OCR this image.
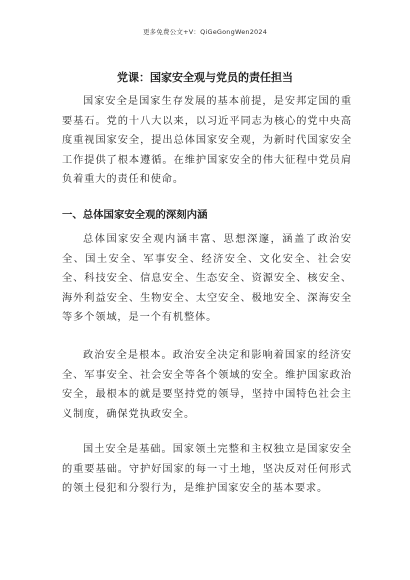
更多免费公文+V：QiGeGongWen2024
党课：国家安全观与党员的责任担当

国家安全是国家生存发展的基本前提，是安邦定国的重要基石。党的十八大以来，以习近平同志为核心的党中央高度重视国家安全，提出总体国家安全观，为新时代国家安全工作提供了根本遵循。在维护国家安全的伟大征程中党员肩负着重大的责任和使命。

一、总体国家安全观的深刻内涵

总体国家安全观内涵丰富、思想深邃，涵盖了政治安全、国土安全、军事安全、经济安全、文化安全、社会安全、科技安全、信息安全、生态安全、资源安全、核安全、海外利益安全、生物安全、太空安全、极地安全、深海安全等多个领域，是一个有机整体。

政治安全是根本。政治安全决定和影响着国家的经济安全、军事安全、社会安全等各个领域的安全。维护国家政治安全，最根本的就是要坚持党的领导，坚持中国特色社会主义制度，确保党执政安全。

国土安全是基础。国家领土完整和主权独立是国家安全的重要基础。守护好国家的每一寸土地，坚决反对任何形式的领土侵犯和分裂行为，是维护国家安全的基本要求。
